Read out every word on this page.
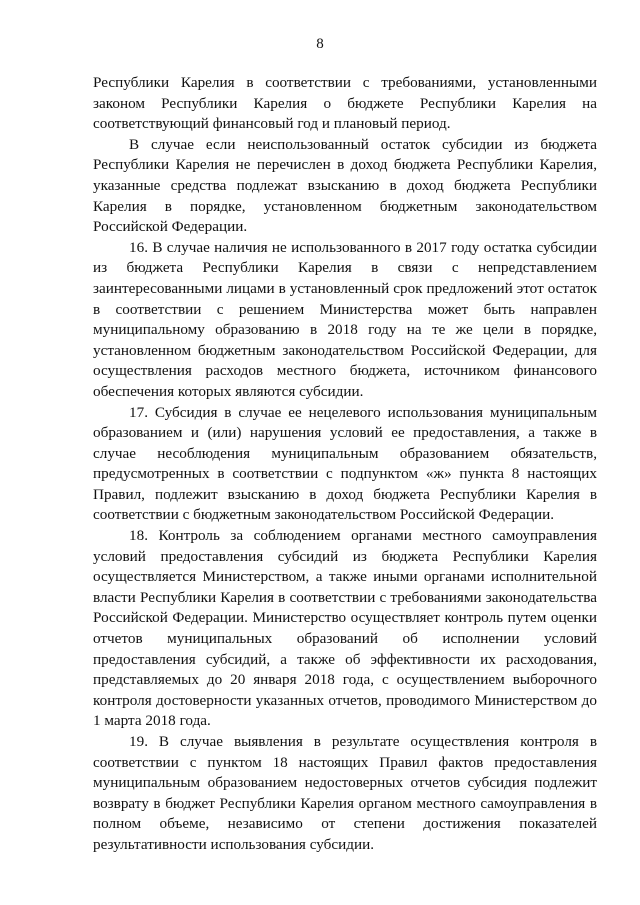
8

Республики Карелия в соответствии с требованиями, установленными законом Республики Карелия о бюджете Республики Карелия на соответствующий финансовый год и плановый период.

В случае если неиспользованный остаток субсидии из бюджета Республики Карелия не перечислен в доход бюджета Республики Карелия, указанные средства подлежат взысканию в доход бюджета Республики Карелия в порядке, установленном бюджетным законодательством Российской Федерации.

16. В случае наличия не использованного в 2017 году остатка субсидии из бюджета Республики Карелия в связи с непредставлением заинтересованными лицами в установленный срок предложений этот остаток в соответствии с решением Министерства может быть направлен муниципальному образованию в 2018 году на те же цели в порядке, установленном бюджетным законодательством Российской Федерации, для осуществления расходов местного бюджета, источником финансового обеспечения которых являются субсидии.

17. Субсидия в случае ее нецелевого использования муниципальным образованием и (или) нарушения условий ее предоставления, а также в случае несоблюдения муниципальным образованием обязательств, предусмотренных в соответствии с подпунктом «ж» пункта 8 настоящих Правил, подлежит взысканию в доход бюджета Республики Карелия в соответствии с бюджетным законодательством Российской Федерации.

18. Контроль за соблюдением органами местного самоуправления условий предоставления субсидий из бюджета Республики Карелия осуществляется Министерством, а также иными органами исполнительной власти Республики Карелия в соответствии с требованиями законодательства Российской Федерации. Министерство осуществляет контроль путем оценки отчетов муниципальных образований об исполнении условий предоставления субсидий, а также об эффективности их расходования, представляемых до 20 января 2018 года, с осуществлением выборочного контроля достоверности указанных отчетов, проводимого Министерством до 1 марта 2018 года.

19. В случае выявления в результате осуществления контроля в соответствии с пунктом 18 настоящих Правил фактов предоставления муниципальным образованием недостоверных отчетов субсидия подлежит возврату в бюджет Республики Карелия органом местного самоуправления в полном объеме, независимо от степени достижения показателей результативности использования субсидии.
